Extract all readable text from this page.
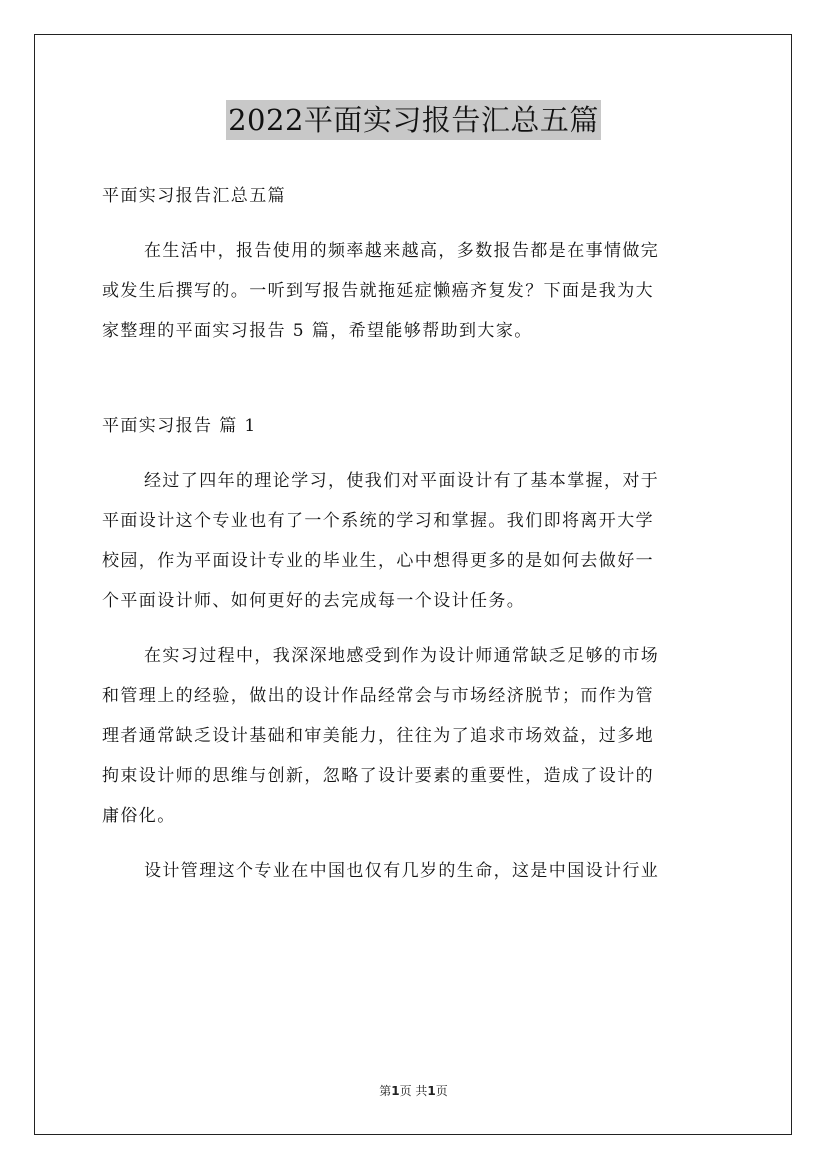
2022平面实习报告汇总五篇
平面实习报告汇总五篇
在生活中，报告使用的频率越来越高，多数报告都是在事情做完
或发生后撰写的。一听到写报告就拖延症懒癌齐复发？下面是我为大
家整理的平面实习报告 5 篇，希望能够帮助到大家。
平面实习报告 篇 1
经过了四年的理论学习，使我们对平面设计有了基本掌握，对于
平面设计这个专业也有了一个系统的学习和掌握。我们即将离开大学
校园，作为平面设计专业的毕业生，心中想得更多的是如何去做好一
个平面设计师、如何更好的去完成每一个设计任务。
在实习过程中，我深深地感受到作为设计师通常缺乏足够的市场
和管理上的经验，做出的设计作品经常会与市场经济脱节；而作为管
理者通常缺乏设计基础和审美能力，往往为了追求市场效益，过多地
拘束设计师的思维与创新，忽略了设计要素的重要性，造成了设计的
庸俗化。
设计管理这个专业在中国也仅有几岁的生命，这是中国设计行业
第1页 共1页
